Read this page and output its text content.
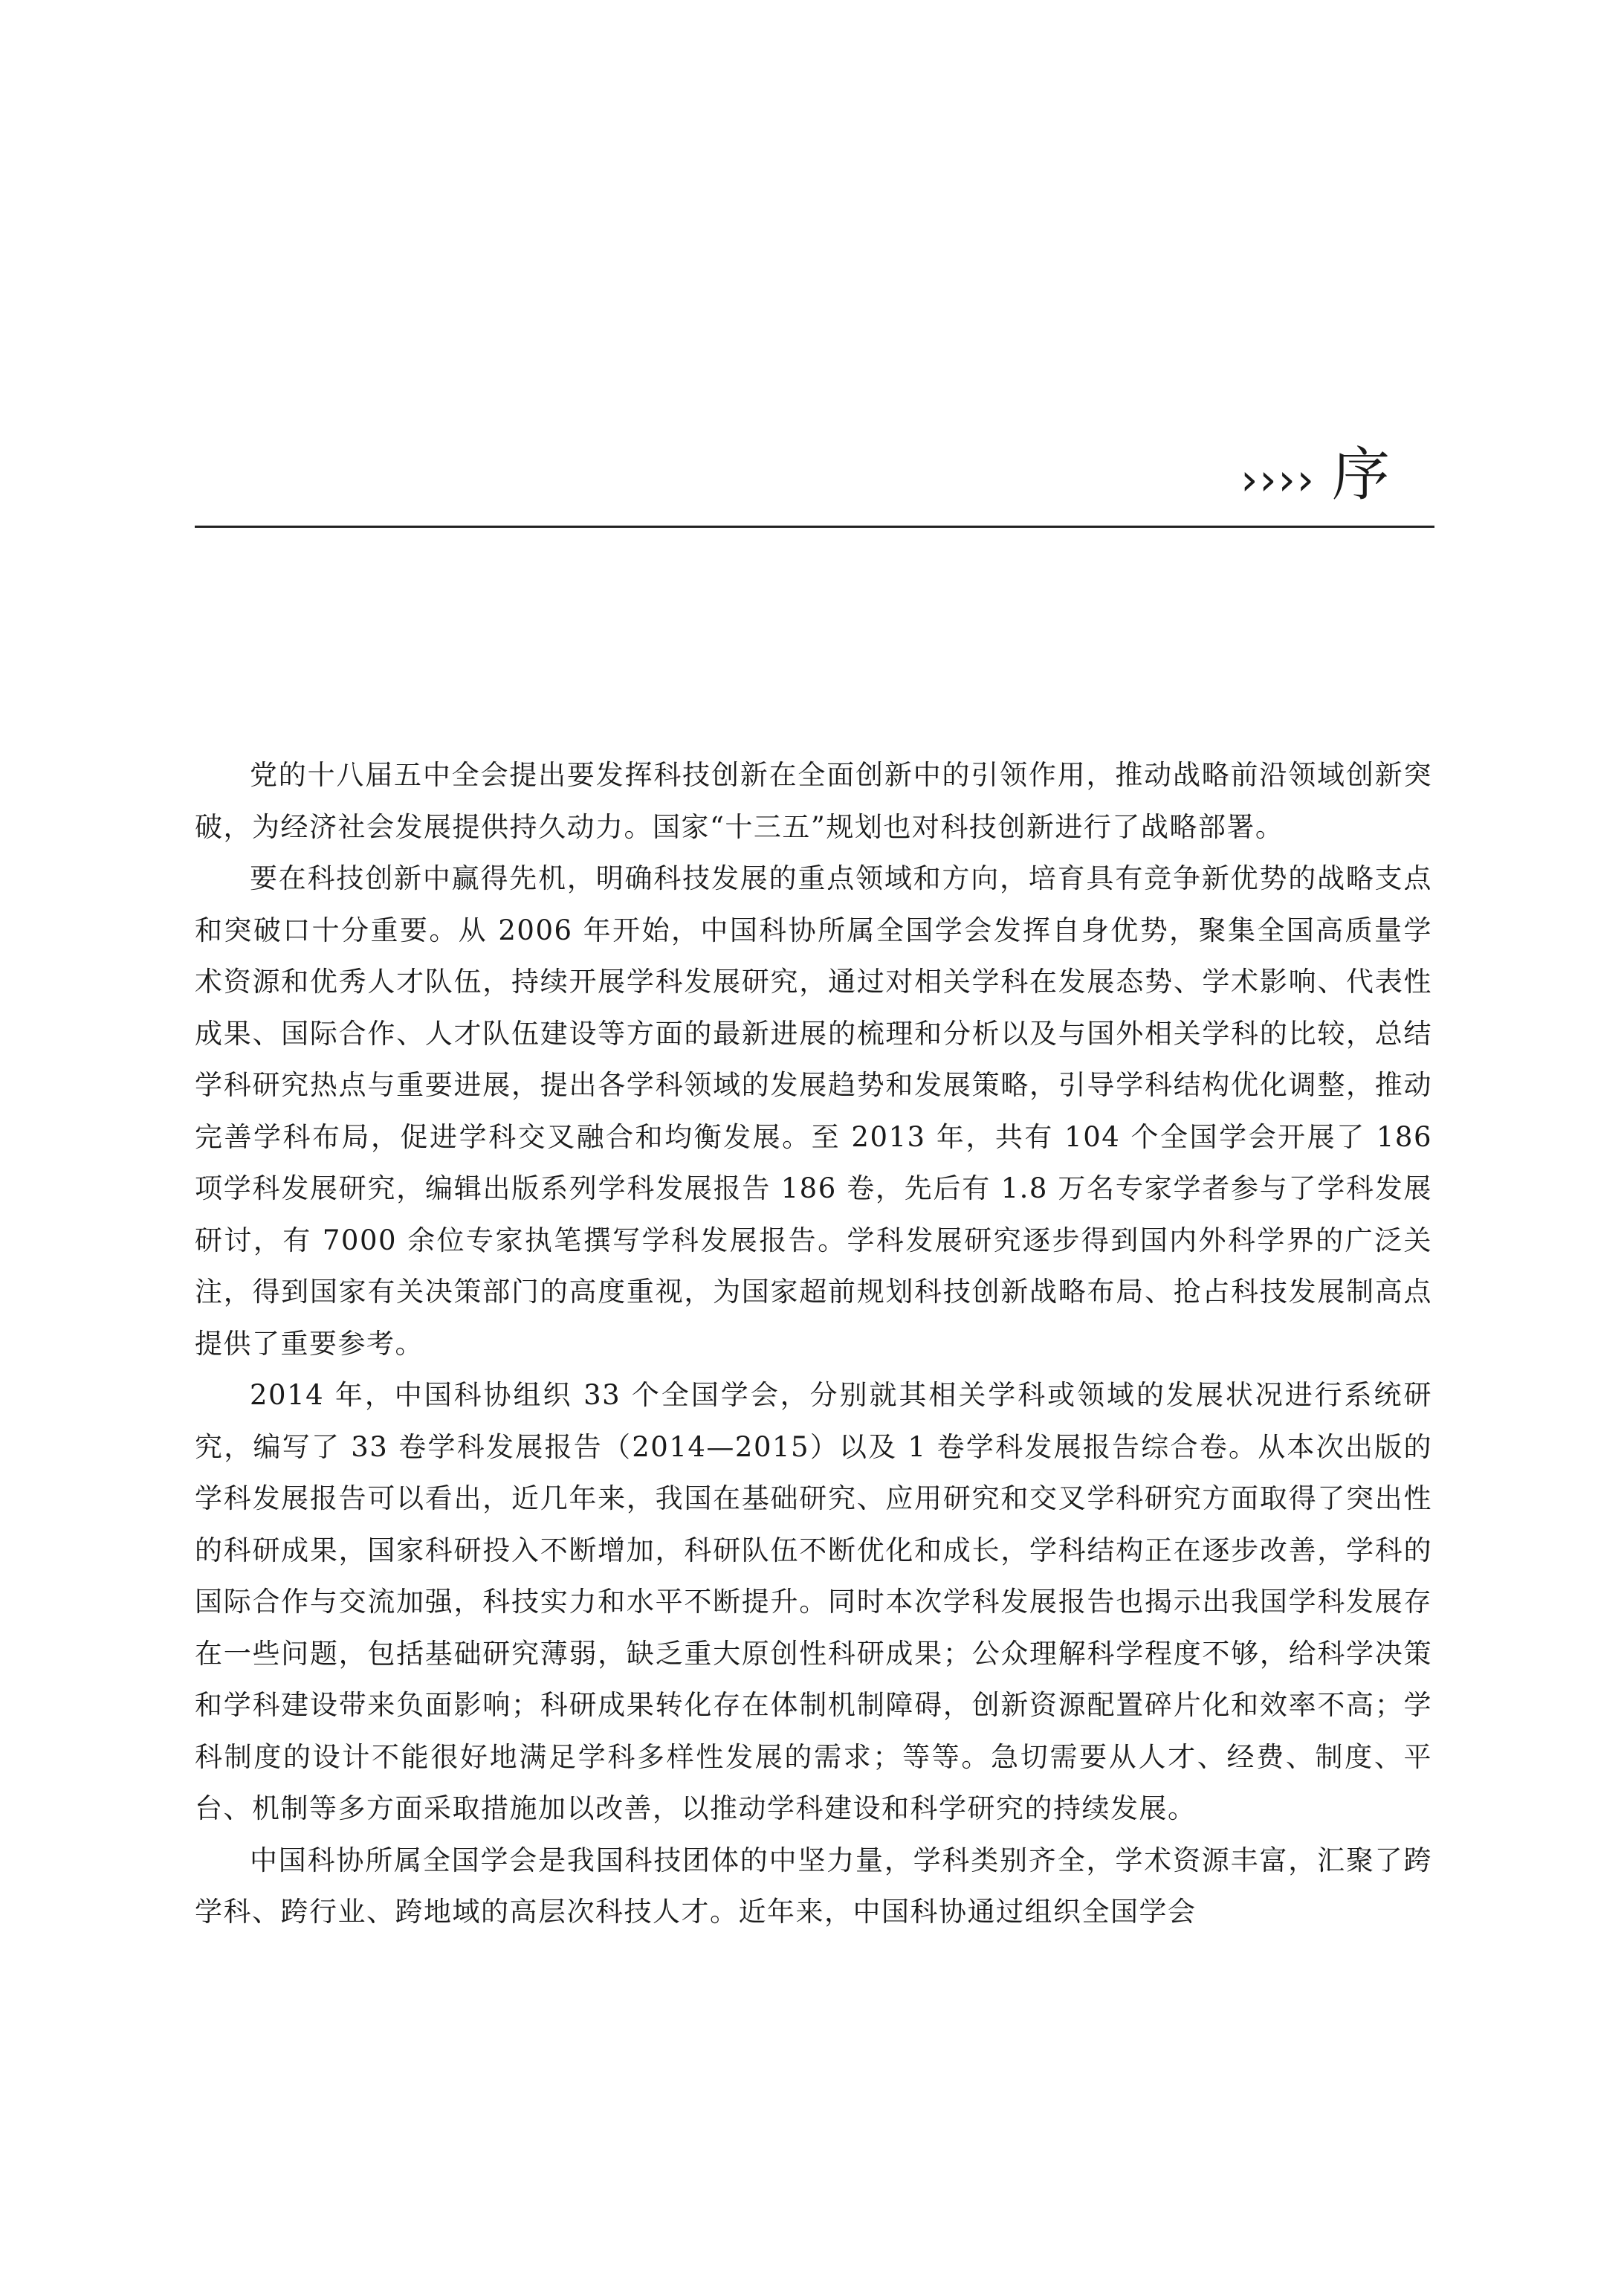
›››› 序

党的十八届五中全会提出要发挥科技创新在全面创新中的引领作用，推动战略前沿领域创新突破，为经济社会发展提供持久动力。国家“十三五”规划也对科技创新进行了战略部署。

要在科技创新中赢得先机，明确科技发展的重点领域和方向，培育具有竞争新优势的战略支点和突破口十分重要。从 2006 年开始，中国科协所属全国学会发挥自身优势，聚集全国高质量学术资源和优秀人才队伍，持续开展学科发展研究，通过对相关学科在发展态势、学术影响、代表性成果、国际合作、人才队伍建设等方面的最新进展的梳理和分析以及与国外相关学科的比较，总结学科研究热点与重要进展，提出各学科领域的发展趋势和发展策略，引导学科结构优化调整，推动完善学科布局，促进学科交叉融合和均衡发展。至 2013 年，共有 104 个全国学会开展了 186 项学科发展研究，编辑出版系列学科发展报告 186 卷，先后有 1.8 万名专家学者参与了学科发展研讨，有 7000 余位专家执笔撰写学科发展报告。学科发展研究逐步得到国内外科学界的广泛关注，得到国家有关决策部门的高度重视，为国家超前规划科技创新战略布局、抢占科技发展制高点提供了重要参考。

2014 年，中国科协组织 33 个全国学会，分别就其相关学科或领域的发展状况进行系统研究，编写了 33 卷学科发展报告（2014—2015）以及 1 卷学科发展报告综合卷。从本次出版的学科发展报告可以看出，近几年来，我国在基础研究、应用研究和交叉学科研究方面取得了突出性的科研成果，国家科研投入不断增加，科研队伍不断优化和成长，学科结构正在逐步改善，学科的国际合作与交流加强，科技实力和水平不断提升。同时本次学科发展报告也揭示出我国学科发展存在一些问题，包括基础研究薄弱，缺乏重大原创性科研成果；公众理解科学程度不够，给科学决策和学科建设带来负面影响；科研成果转化存在体制机制障碍，创新资源配置碎片化和效率不高；学科制度的设计不能很好地满足学科多样性发展的需求；等等。急切需要从人才、经费、制度、平台、机制等多方面采取措施加以改善，以推动学科建设和科学研究的持续发展。

中国科协所属全国学会是我国科技团体的中坚力量，学科类别齐全，学术资源丰富，汇聚了跨学科、跨行业、跨地域的高层次科技人才。近年来，中国科协通过组织全国学会
